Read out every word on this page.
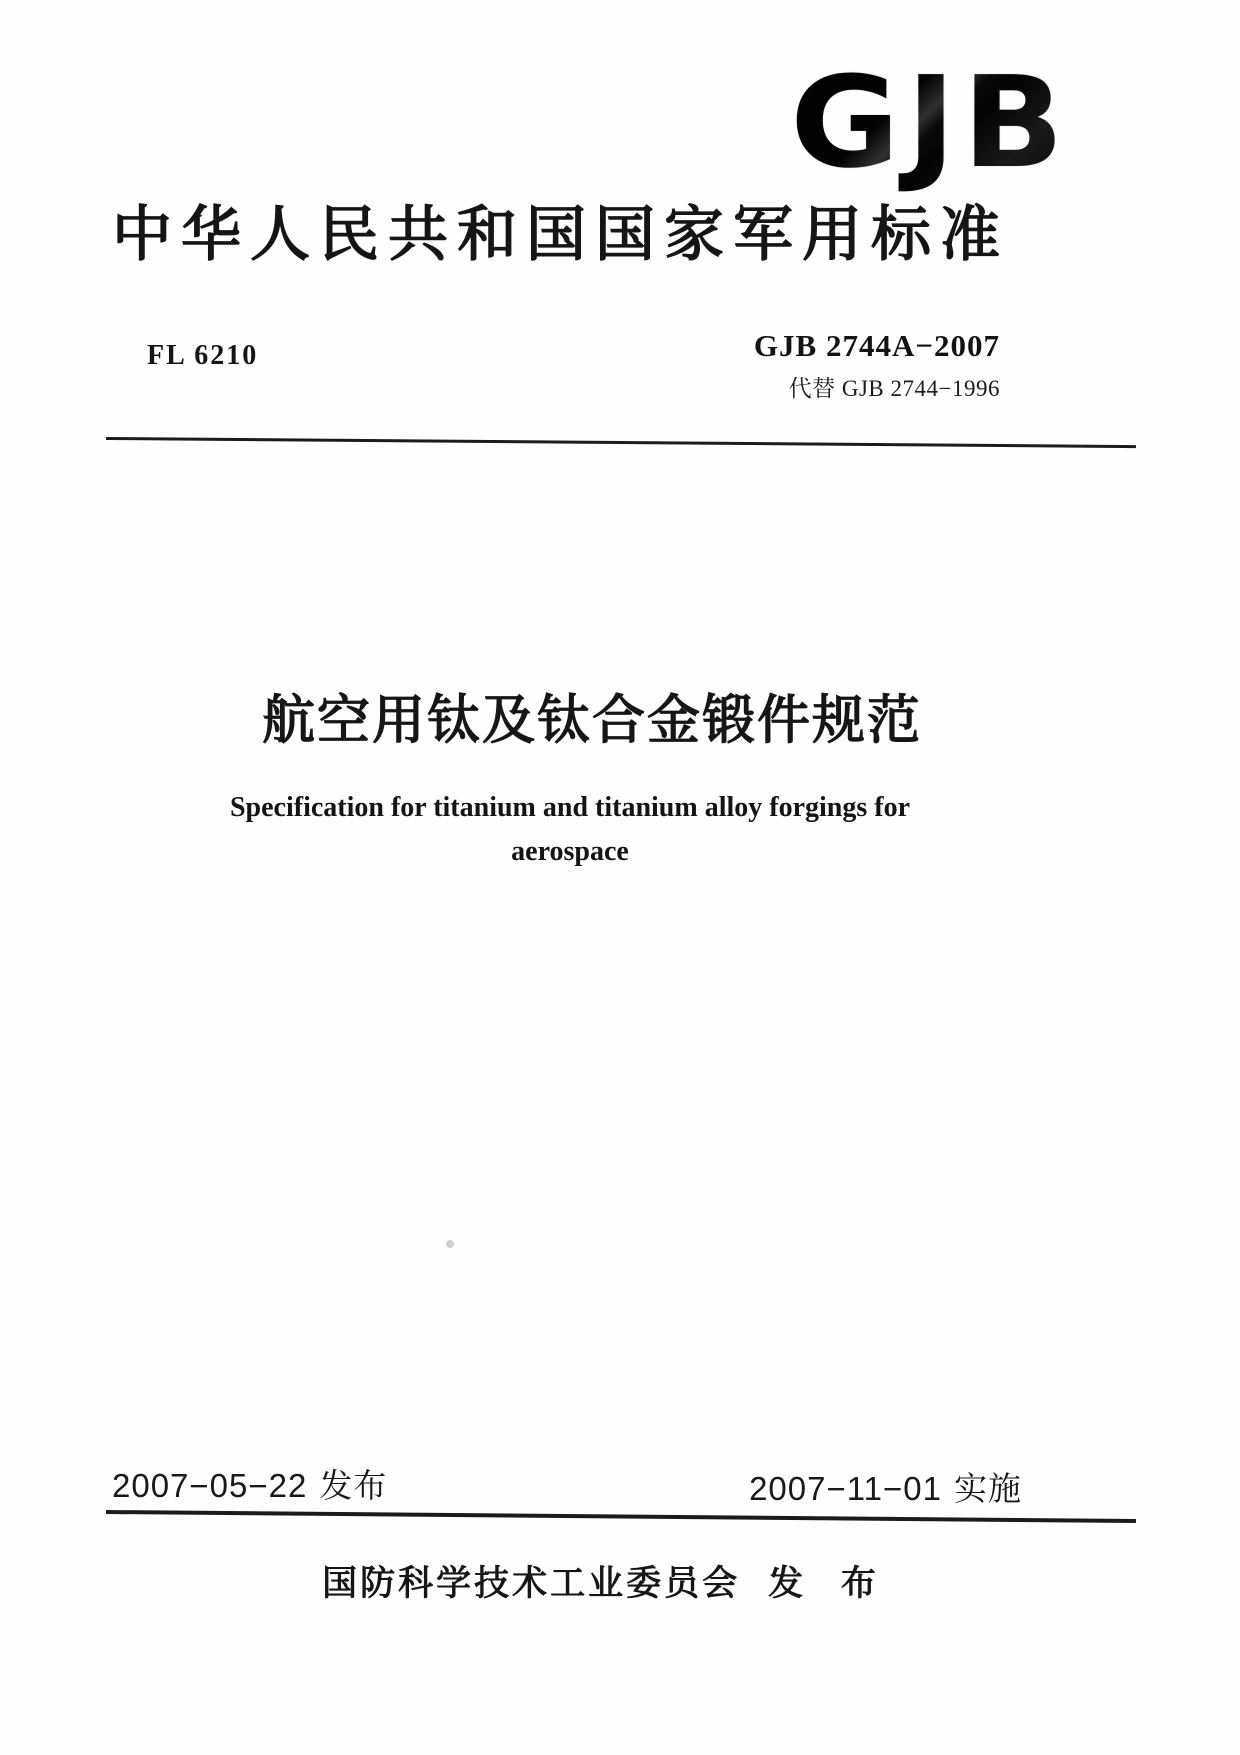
GJB
中华人民共和国国家军用标准
FL 6210	GJB 2744A−2007
代替 GJB 2744−1996
航空用钛及钛合金锻件规范
Specification for titanium and titanium alloy forgings for
aerospace
2007−05−22 发布	2007−11−01 实施
国防科学技术工业委员会 发 布
